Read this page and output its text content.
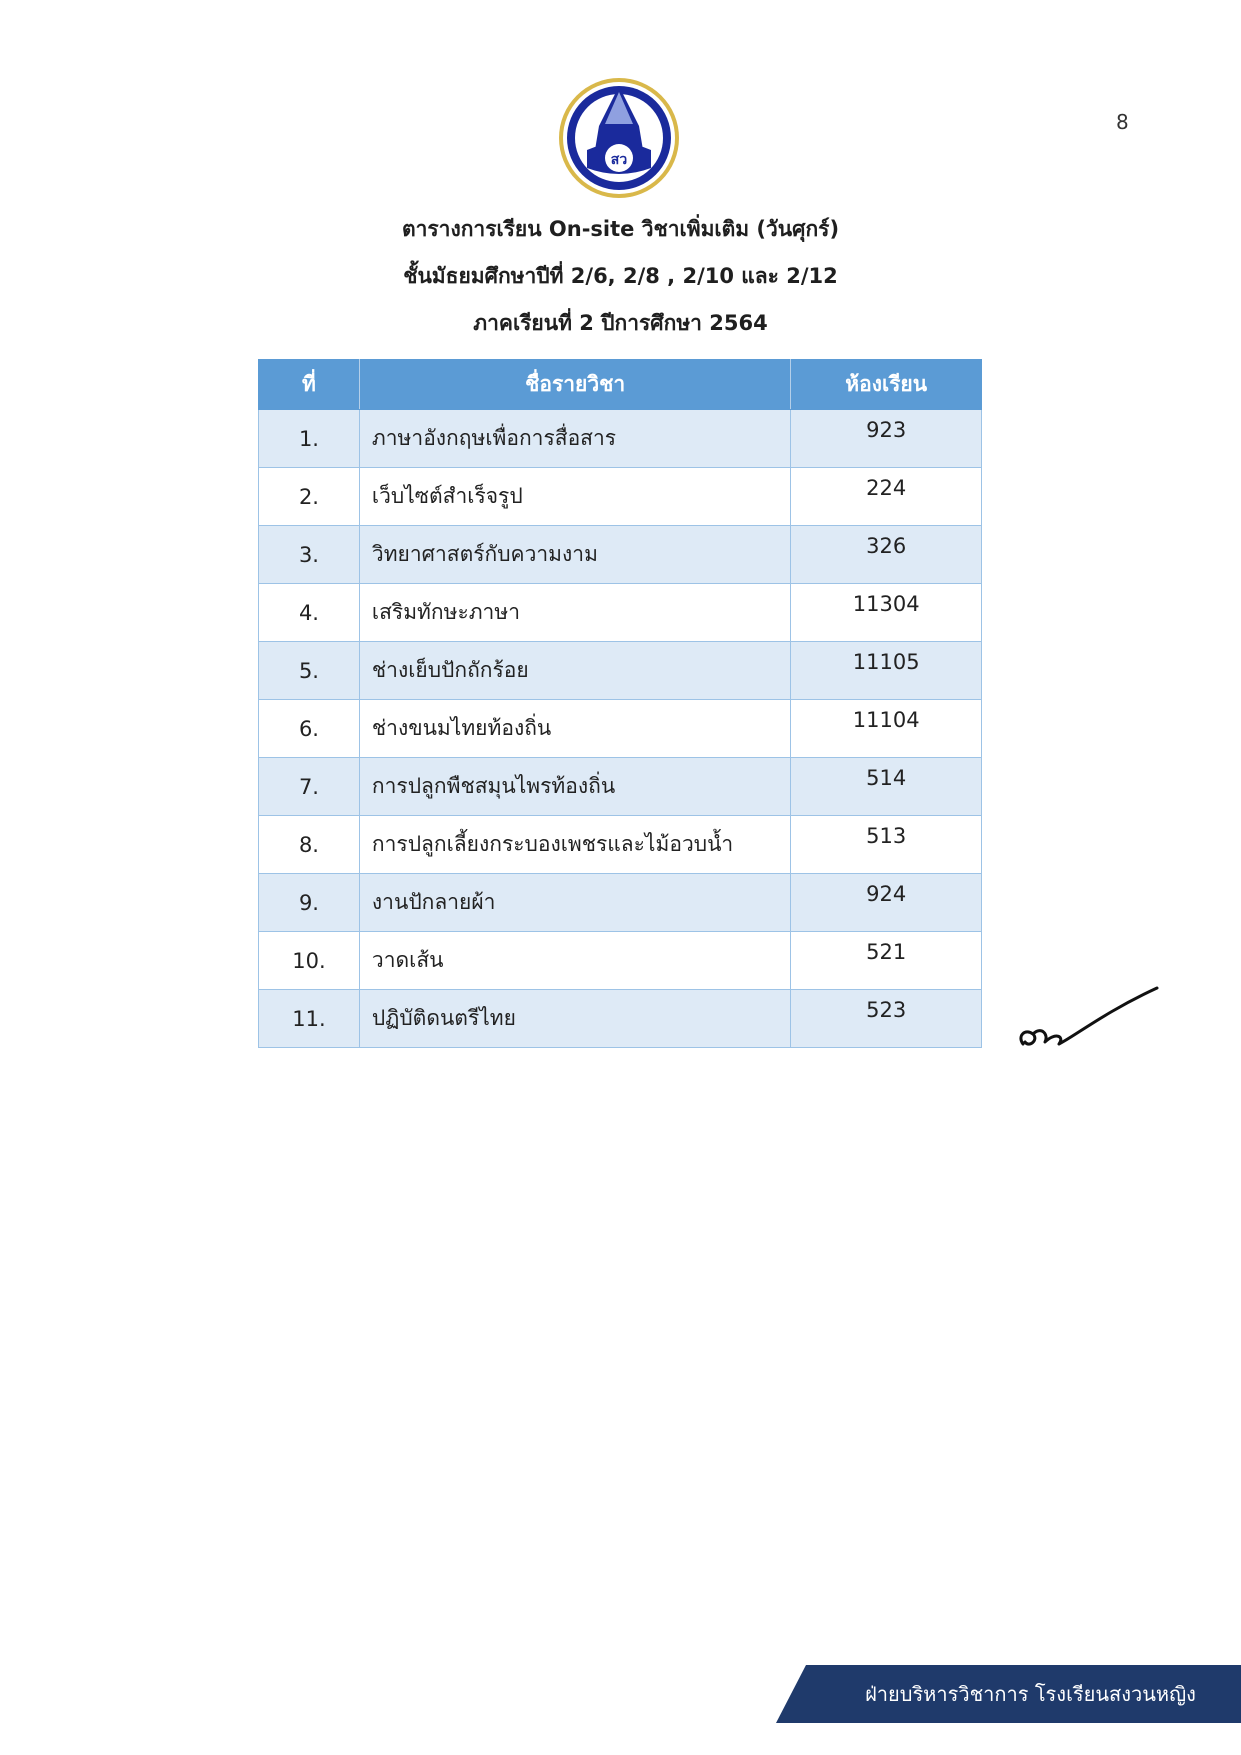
8
สว
ตารางการเรียน On-site วิชาเพิ่มเติม (วันศุกร์)
ชั้นมัธยมศึกษาปีที่ 2/6, 2/8 , 2/10 และ 2/12
ภาคเรียนที่ 2 ปีการศึกษา 2564
ที่	ชื่อรายวิชา	ห้องเรียน
1.	ภาษาอังกฤษเพื่อการสื่อสาร	923
2.	เว็บไซต์สำเร็จรูป	224
3.	วิทยาศาสตร์กับความงาม	326
4.	เสริมทักษะภาษา	11304
5.	ช่างเย็บปักถักร้อย	11105
6.	ช่างขนมไทยท้องถิ่น	11104
7.	การปลูกพืชสมุนไพรท้องถิ่น	514
8.	การปลูกเลี้ยงกระบองเพชรและไม้อวบน้ำ	513
9.	งานปักลายผ้า	924
10.	วาดเส้น	521
11.	ปฏิบัติดนตรีไทย	523
ฝ่ายบริหารวิชาการ โรงเรียนสงวนหญิง
